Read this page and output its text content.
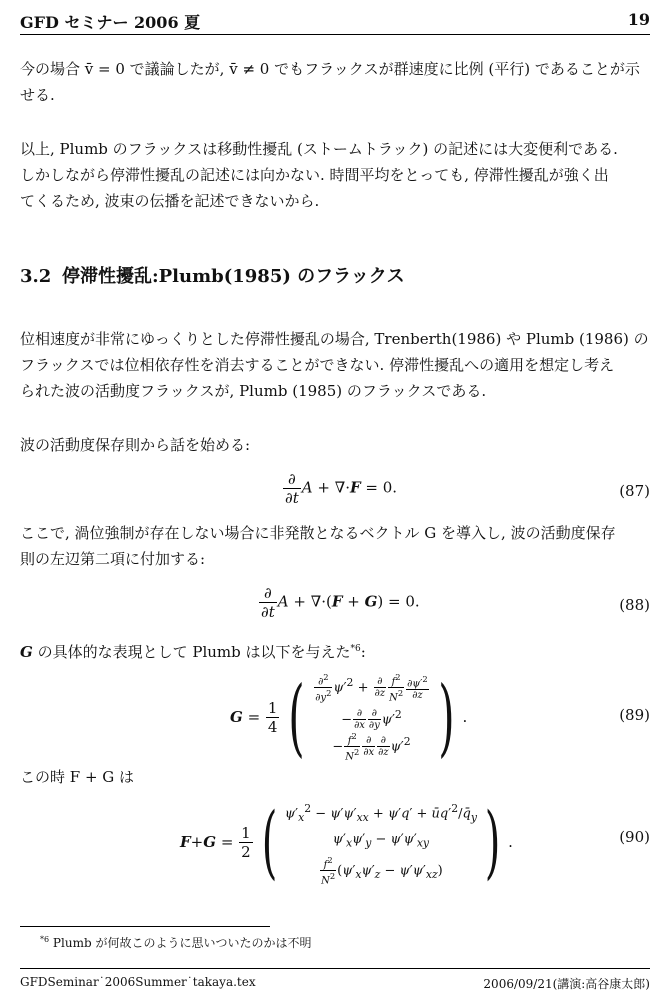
GFD セミナー 2006 夏	19
今の場合 v̄ = 0 で議論したが, v̄ ≠ 0 でもフラックスが群速度に比例 (平行) であることが示
せる.
以上, Plumb のフラックスは移動性擾乱 (ストームトラック) の記述には大変便利である.
しかしながら停滞性擾乱の記述には向かない. 時間平均をとっても, 停滞性擾乱が強く出
てくるため, 波束の伝播を記述できないから.
3.2 停滞性擾乱:Plumb(1985) のフラックス
位相速度が非常にゆっくりとした停滞性擾乱の場合, Trenberth(1986) や Plumb (1986) の
フラックスでは位相依存性を消去することができない. 停滞性擾乱への適用を想定し考え
られた波の活動度フラックスが, Plumb (1985) のフラックスである.
波の活動度保存則から話を始める:
$\frac{\partial}{\partial t}$ A + ∇·F = 0.	(87)
ここで, 渦位強制が存在しない場合に非発散となるベクトル G を導入し, 波の活動度保存
則の左辺第二項に付加する:
$\frac{\partial}{\partial t}$ A + ∇·(F + G) = 0.	(88)
G の具体的な表現として Plumb は以下を与えた$^{*6}$:
$G = \frac{1}{4}$ ( $\frac{\partial^2}{\partial y^2} \psi'^2$ + ∂
$\partial z \frac{f^2}{N^2} \frac{\partial\psi'^2}{\partial z}$
− ∂
∂x
∂
∂y $\psi'^2$
− $\frac{f^2}{N^2}$ ∂
∂x
∂
∂z $\psi'^2$ ) .	(89)
この時 F + G は
$F + G = \frac{1}{2}$ ( $\psi'_x^2 - \psi'\psi'_{xx} + \psi'q'$ + $ūq'^2/q̄_y$
$\psi'_x\psi'_y - \psi'\psi'_{xy}$
$\frac{f^2}{N^2} (\psi'_x\psi'_z - \psi'\psi'_{xz})$ ) .	(90)
$^{*6}$ Plumb が何故このように思いついたのかは不明
GFDSeminar˙2006Summer˙takaya.tex	2006/09/21(講演:高谷康太郎)
